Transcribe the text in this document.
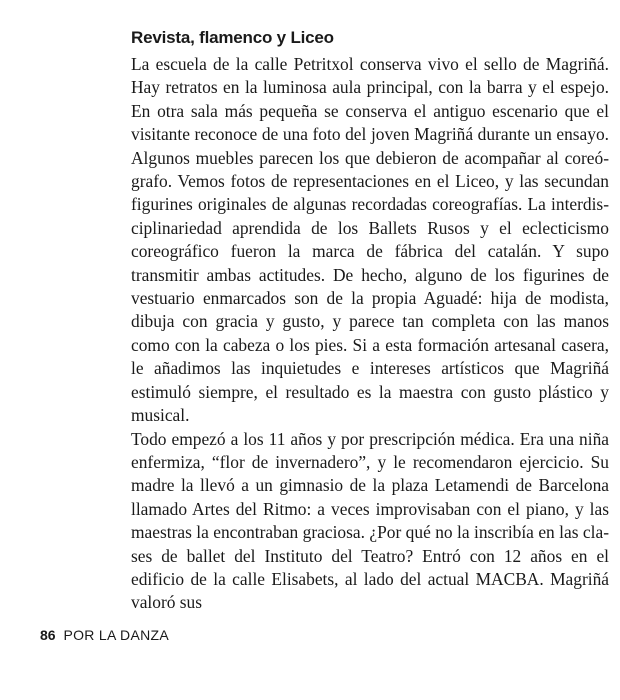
Revista, flamenco y Liceo

La escuela de la calle Petritxol conserva vivo el sello de Magriñá. Hay retratos en la luminosa aula principal, con la barra y el espejo. En otra sala más pequeña se conserva el antiguo escenario que el visitante reconoce de una foto del joven Magriñá durante un ensayo. Algunos muebles parecen los que debieron de acompañar al coreógrafo. Vemos fotos de representaciones en el Liceo, y las secundan figurines originales de algunas recordadas coreografías. La interdisciplinariedad aprendida de los Ballets Rusos y el eclecticismo coreográfico fueron la marca de fábrica del catalán. Y supo transmitir ambas actitudes. De hecho, alguno de los figurines de vestuario enmarcados son de la propia Aguadé: hija de modista, dibuja con gracia y gusto, y parece tan completa con las manos como con la cabeza o los pies. Si a esta formación artesanal casera, le añadimos las inquietudes e intereses artísticos que Magriñá estimuló siempre, el resultado es la maestra con gusto plástico y musical.

Todo empezó a los 11 años y por prescripción médica. Era una niña enfermiza, “flor de invernadero”, y le recomendaron ejercicio. Su madre la llevó a un gimnasio de la plaza Letamendi de Barcelona llamado Artes del Ritmo: a veces improvisaban con el piano, y las maestras la encontraban graciosa. ¿Por qué no la inscribía en las clases de ballet del Instituto del Teatro? Entró con 12 años en el edificio de la calle Elisabets, al lado del actual MACBA. Magriñá valoró sus

86 POR LA DANZA
